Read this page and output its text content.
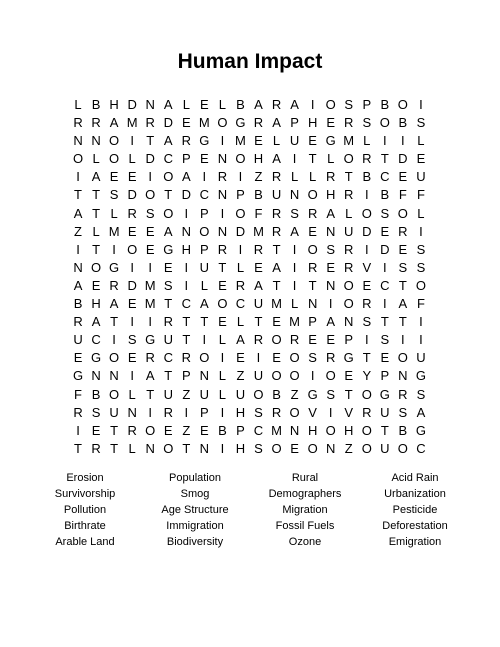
Human Impact
L B H D N A L E L B A R A I O S P B O I
R R A M R D E M O G R A P H E R S O B S
N N O I T A R G I M E L U E G M L I	I L
O L O L D C P E N O H A I T L O R T D E
I A E E I O A I R I Z R L L R T B C E U
T T S D O T D C N P B U N O H R I B F F
A T L R S O I P I O F R S R A L O S O L
Z L M E E A N O N D M R A E N U D E R I
I T I O E G H P R I R T I O S R I D E S
N O G I	I E I U T L E A I R E R V I S S
A E R D M S I L E R A T I T N O E C T O
B H A E M T C A O C U M L N I O R I A F
R A T I	I R T T E L T E M P A N S T T I
U C I S G U T I L A R O R E E P I S I	I
E G O E R C R O I E I E O S R G T E O U
G N N I A T P N L Z U O O I O E Y P N G
F B O L T U Z U L U O B Z G S T O G R S
R S U N I R I P I H S R O V I V R U S A
I E T R O E Z E B P C M N H O H O T B G
T R T L N O T N I H S O E O N Z O U O C
Erosion	Population	Rural	Acid Rain
Survivorship	Smog	Demographers	Urbanization
Pollution	Age Structure	Migration	Pesticide
Birthrate	Immigration	Fossil Fuels	Deforestation
Arable Land	Biodiversity	Ozone	Emigration
